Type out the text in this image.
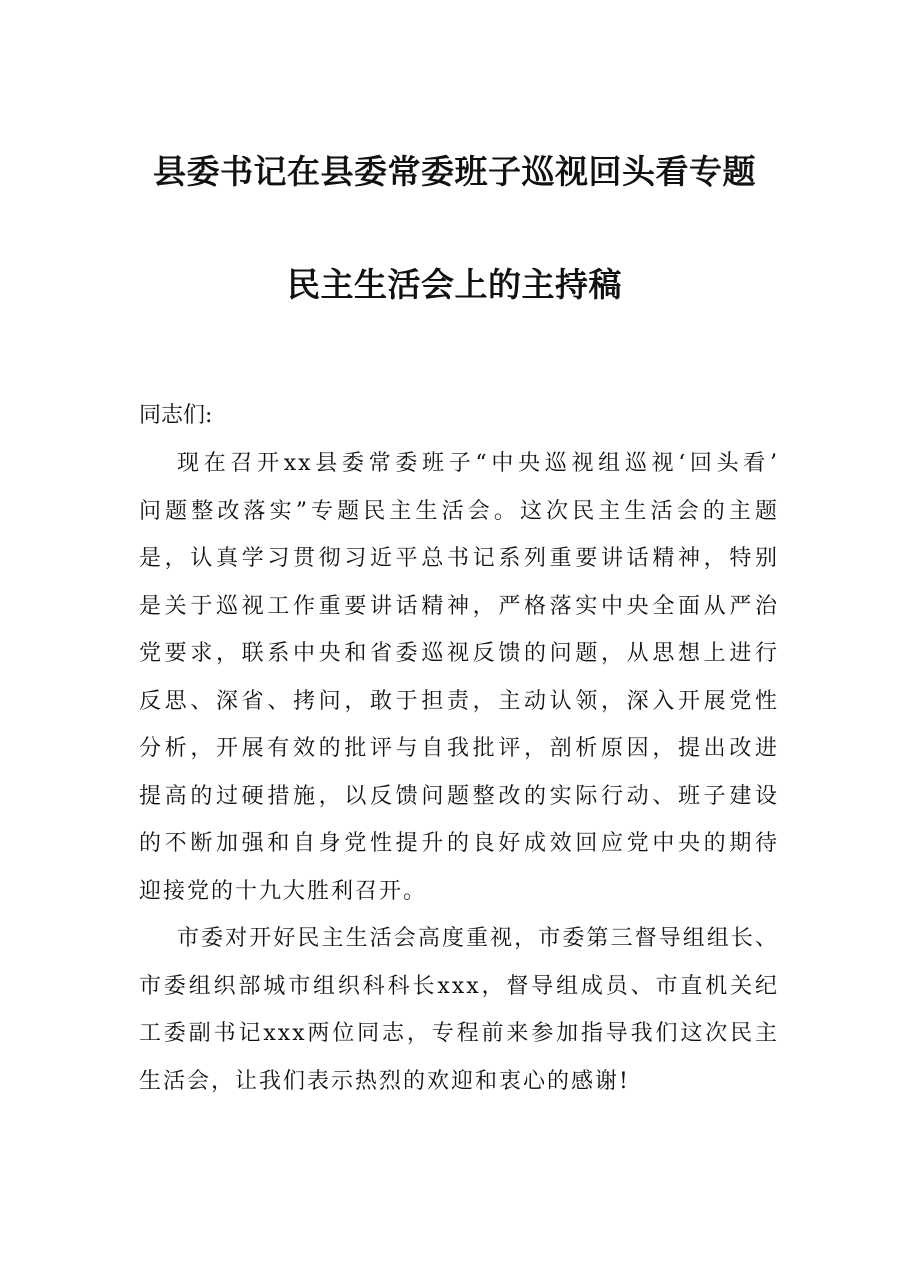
县委书记在县委常委班子巡视回头看专题
民主生活会上的主持稿
同志们:
现在召开xx县委常委班子“中央巡视组巡视‘回头看’
问题整改落实”专题民主生活会。这次民主生活会的主题
是，认真学习贯彻习近平总书记系列重要讲话精神，特别
是关于巡视工作重要讲话精神，严格落实中央全面从严治
党要求，联系中央和省委巡视反馈的问题，从思想上进行
反思、深省、拷问，敢于担责，主动认领，深入开展党性
分析，开展有效的批评与自我批评，剖析原因，提出改进
提高的过硬措施，以反馈问题整改的实际行动、班子建设
的不断加强和自身党性提升的良好成效回应党中央的期待
迎接党的十九大胜利召开。
市委对开好民主生活会高度重视，市委第三督导组组长、
市委组织部城市组织科科长xxx，督导组成员、市直机关纪
工委副书记xxx两位同志，专程前来参加指导我们这次民主
生活会，让我们表示热烈的欢迎和衷心的感谢!
